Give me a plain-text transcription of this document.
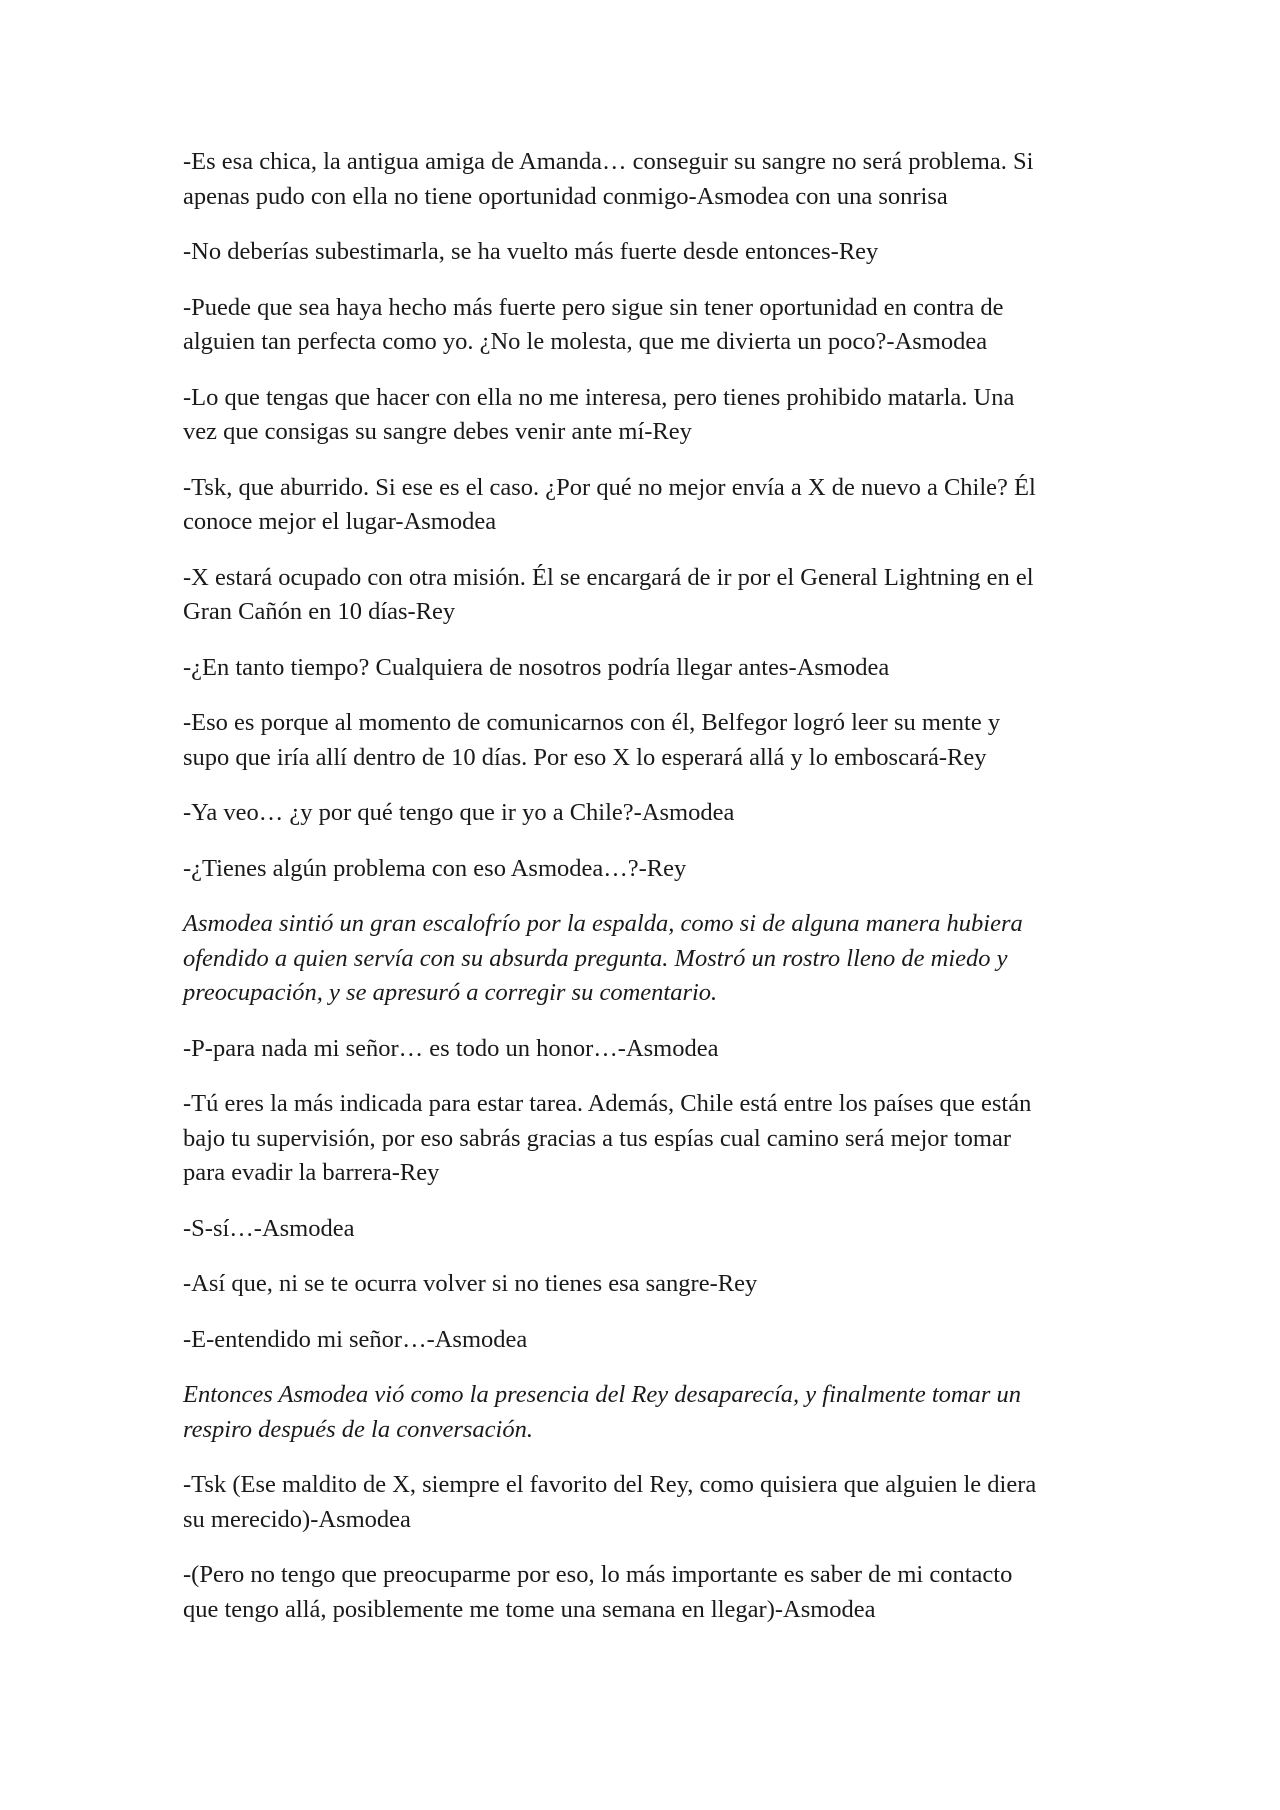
-Es esa chica, la antigua amiga de Amanda… conseguir su sangre no será problema. Si
apenas pudo con ella no tiene oportunidad conmigo-Asmodea con una sonrisa

-No deberías subestimarla, se ha vuelto más fuerte desde entonces-Rey

-Puede que sea haya hecho más fuerte pero sigue sin tener oportunidad en contra de
alguien tan perfecta como yo. ¿No le molesta, que me divierta un poco?-Asmodea

-Lo que tengas que hacer con ella no me interesa, pero tienes prohibido matarla. Una
vez que consigas su sangre debes venir ante mí-Rey

-Tsk, que aburrido. Si ese es el caso. ¿Por qué no mejor envía a X de nuevo a Chile? Él
conoce mejor el lugar-Asmodea

-X estará ocupado con otra misión. Él se encargará de ir por el General Lightning en el
Gran Cañón en 10 días-Rey

-¿En tanto tiempo? Cualquiera de nosotros podría llegar antes-Asmodea

-Eso es porque al momento de comunicarnos con él, Belfegor logró leer su mente y
supo que iría allí dentro de 10 días. Por eso X lo esperará allá y lo emboscará-Rey

-Ya veo… ¿y por qué tengo que ir yo a Chile?-Asmodea

-¿Tienes algún problema con eso Asmodea…?-Rey

Asmodea sintió un gran escalofrío por la espalda, como si de alguna manera hubiera
ofendido a quien servía con su absurda pregunta. Mostró un rostro lleno de miedo y
preocupación, y se apresuró a corregir su comentario.

-P-para nada mi señor… es todo un honor…-Asmodea

-Tú eres la más indicada para estar tarea. Además, Chile está entre los países que están
bajo tu supervisión, por eso sabrás gracias a tus espías cual camino será mejor tomar
para evadir la barrera-Rey

-S-sí…-Asmodea

-Así que, ni se te ocurra volver si no tienes esa sangre-Rey

-E-entendido mi señor…-Asmodea

Entonces Asmodea vió como la presencia del Rey desaparecía, y finalmente tomar un
respiro después de la conversación.

-Tsk (Ese maldito de X, siempre el favorito del Rey, como quisiera que alguien le diera
su merecido)-Asmodea

-(Pero no tengo que preocuparme por eso, lo más importante es saber de mi contacto
que tengo allá, posiblemente me tome una semana en llegar)-Asmodea
